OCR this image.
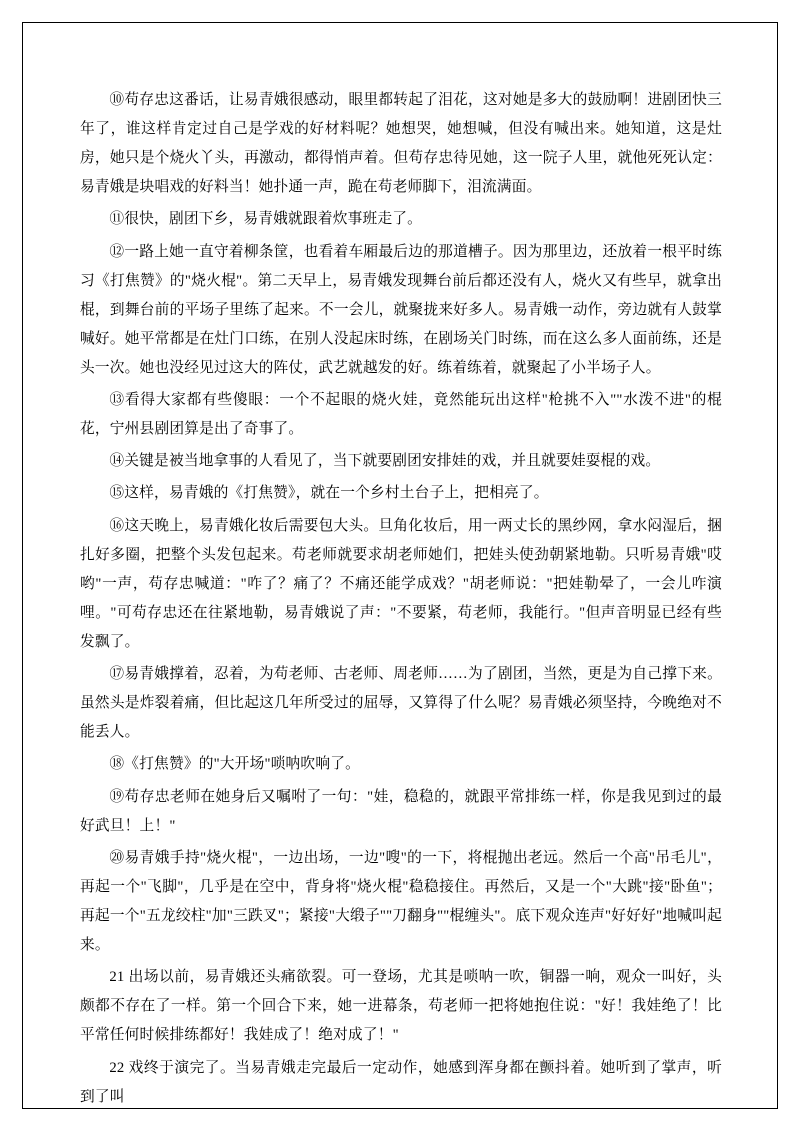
⑩苟存忠这番话，让易青娥很感动，眼里都转起了泪花，这对她是多大的鼓励啊！进剧团快三年了，谁这样肯定过自己是学戏的好材料呢？她想哭，她想喊，但没有喊出来。她知道，这是灶房，她只是个烧火丫头，再激动，都得悄声着。但苟存忠待见她，这一院子人里，就他死死认定：易青娥是块唱戏的好料当！她扑通一声，跪在苟老师脚下，泪流满面。

⑪很快，剧团下乡，易青娥就跟着炊事班走了。

⑫一路上她一直守着柳条筐，也看着车厢最后边的那道槽子。因为那里边，还放着一根平时练习《打焦赞》的"烧火棍"。第二天早上，易青娥发现舞台前后都还没有人，烧火又有些早，就拿出棍，到舞台前的平场子里练了起来。不一会儿，就聚拢来好多人。易青娥一动作，旁边就有人鼓掌喊好。她平常都是在灶门口练，在别人没起床时练，在剧场关门时练，而在这么多人面前练，还是头一次。她也没经见过这大的阵仗，武艺就越发的好。练着练着，就聚起了小半场子人。

⑬看得大家都有些傻眼：一个不起眼的烧火娃，竟然能玩出这样"枪挑不入""水泼不进"的棍花，宁州县剧团算是出了奇事了。

⑭关键是被当地拿事的人看见了，当下就要剧团安排娃的戏，并且就要娃耍棍的戏。

⑮这样，易青娥的《打焦赞》，就在一个乡村土台子上，把相亮了。

⑯这天晚上，易青娥化妆后需要包大头。旦角化妆后，用一两丈长的黑纱网，拿水闷湿后，捆扎好多圈，把整个头发包起来。苟老师就要求胡老师她们，把娃头使劲朝紧地勒。只听易青娥"哎哟"一声，苟存忠喊道："咋了？痛了？不痛还能学成戏？"胡老师说："把娃勒晕了，一会儿咋演哩。"可苟存忠还在往紧地勒，易青娥说了声："不要紧，苟老师，我能行。"但声音明显已经有些发飘了。

⑰易青娥撑着，忍着，为苟老师、古老师、周老师……为了剧团，当然，更是为自己撑下来。虽然头是炸裂着痛，但比起这几年所受过的屈辱，又算得了什么呢？易青娥必须坚持，今晚绝对不能丢人。

⑱《打焦赞》的"大开场"唢呐吹响了。

⑲苟存忠老师在她身后又嘱咐了一句："娃，稳稳的，就跟平常排练一样，你是我见到过的最好武旦！上！"

⑳易青娥手持"烧火棍"，一边出场，一边"嗖"的一下，将棍抛出老远。然后一个高"吊毛儿"，再起一个"飞脚"，几乎是在空中，背身将"烧火棍"稳稳接住。再然后，又是一个"大跳"接"卧鱼"；再起一个"五龙绞柱"加"三跌叉"；紧接"大缎子""刀翻身""棍缠头"。底下观众连声"好好好"地喊叫起来。

21 出场以前，易青娥还头痛欲裂。可一登场，尤其是唢呐一吹，铜器一响，观众一叫好，头颇都不存在了一样。第一个回合下来，她一进幕条，苟老师一把将她抱住说："好！我娃绝了！比平常任何时候排练都好！我娃成了！绝对成了！"

22 戏终于演完了。当易青娥走完最后一定动作，她感到浑身都在颤抖着。她听到了掌声，听到了叫
